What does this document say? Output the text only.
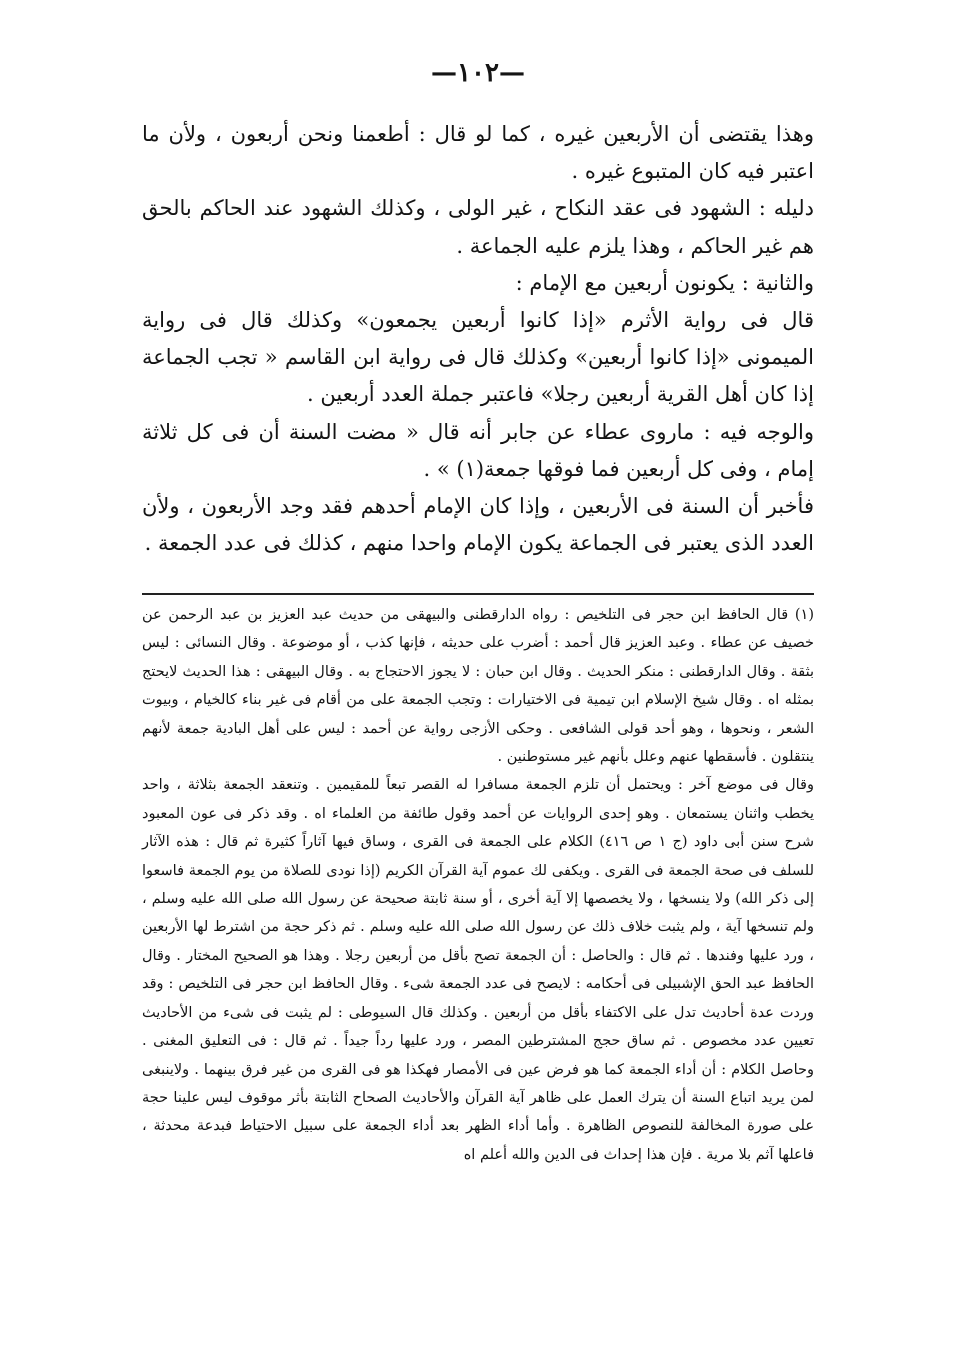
—١٠٢—

وهذا يقتضى أن الأربعين غيره ، كما لو قال : أطعمنا ونحن أربعون ، ولأن ما اعتبر فيه كان المتبوع غيره .

دليله : الشهود فى عقد النكاح ، غير الولى ، وكذلك الشهود عند الحاكم بالحق هم غير الحاكم ، وهذا يلزم عليه الجماعة .

والثانية : يكونون أربعين مع الإمام :

قال فى رواية الأثرم «إذا كانوا أربعين يجمعون» وكذلك قال فى رواية الميمونى «إذا كانوا أربعين» وكذلك قال فى رواية ابن القاسم « تجب الجماعة إذا كان أهل القرية أربعين رجلا» فاعتبر جملة العدد أربعين .

والوجه فيه : ماروى عطاء عن جابر أنه قال « مضت السنة أن فى كل ثلاثة إمام ، وفى كل أربعين فما فوقها جمعة(١) » .

فأخبر أن السنة فى الأربعين ، وإذا كان الإمام أحدهم فقد وجد الأربعون ، ولأن العدد الذى يعتبر فى الجماعة يكون الإمام واحدا منهم ، كذلك فى عدد الجمعة .

(١) قال الحافظ ابن حجر فى التلخيص : رواه الدارقطنى والبيهقى من حديث عبد العزيز بن عبد الرحمن عن خصيف عن عطاء . وعبد العزيز قال أحمد : أضرب على حديثه ، فإنها كذب ، أو موضوعة . وقال النسائى : ليس بثقة . وقال الدارقطنى : منكر الحديث . وقال ابن حبان : لا يجوز الاحتجاج به . وقال البيهقى : هذا الحديث لايحتج بمثله اه . وقال شيخ الإسلام ابن تيمية فى الاختيارات : وتجب الجمعة على من أقام فى غير بناء كالخيام ، وبيوت الشعر ، ونحوها ، وهو أحد قولى الشافعى . وحكى الأزجى رواية عن أحمد : ليس على أهل البادية جمعة لأنهم ينتقلون . فأسقطها عنهم وعلل بأنهم غير مستوطنين .

وقال فى موضع آخر : ويحتمل أن تلزم الجمعة مسافرا له القصر تبعاً للمقيمين . وتنعقد الجمعة بثلاثة ، واحد يخطب واثنان يستمعان . وهو إحدى الروايات عن أحمد وقول طائفة من العلماء اه . وقد ذكر فى عون المعبود شرح سنن أبى داود (ج ١ ص ٤١٦) الكلام على الجمعة فى القرى ، وساق فيها آثاراً كثيرة ثم قال : هذه الآثار للسلف فى صحة الجمعة فى القرى . ويكفى لك عموم آية القرآن الكريم (إذا نودى للصلاة من يوم الجمعة فاسعوا إلى ذكر الله) ولا ينسخها ، ولا يخصصها إلا آية أخرى ، أو سنة ثابتة صحيحة عن رسول الله صلى الله عليه وسلم ، ولم تنسخها آية ، ولم يثبت خلاف ذلك عن رسول الله صلى الله عليه وسلم . ثم ذكر حجة من اشترط لها الأربعين ، ورد عليها وفندها . ثم قال : والحاصل : أن الجمعة تصح بأقل من أربعين رجلا . وهذا هو الصحيح المختار . وقال الحافظ عبد الحق الإشبيلى فى أحكامه : لايصح فى عدد الجمعة شىء . وقال الحافظ ابن حجر فى التلخيص : وقد وردت عدة أحاديث تدل على الاكتفاء بأقل من أربعين . وكذلك قال السيوطى : لم يثبت فى شىء من الأحاديث تعيين عدد مخصوص . ثم ساق حجج المشترطين المصر ، ورد عليها رداً جيداً . ثم قال : فى التعليق المغنى . وحاصل الكلام : أن أداء الجمعة كما هو فرض عين فى الأمصار فهكذا هو فى القرى من غير فرق بينهما . ولاينبغى لمن يريد اتباع السنة أن يترك العمل على ظاهر آية القرآن والأحاديث الصحاح الثابتة بأثر موقوف ليس علينا حجة على صورة المخالفة للنصوص الظاهرة . وأما أداء الظهر بعد أداء الجمعة على سبيل الاحتياط فبدعة محدثة ، فاعلها آثم بلا مرية . فإن هذا إحداث فى الدين والله أعلم اه
